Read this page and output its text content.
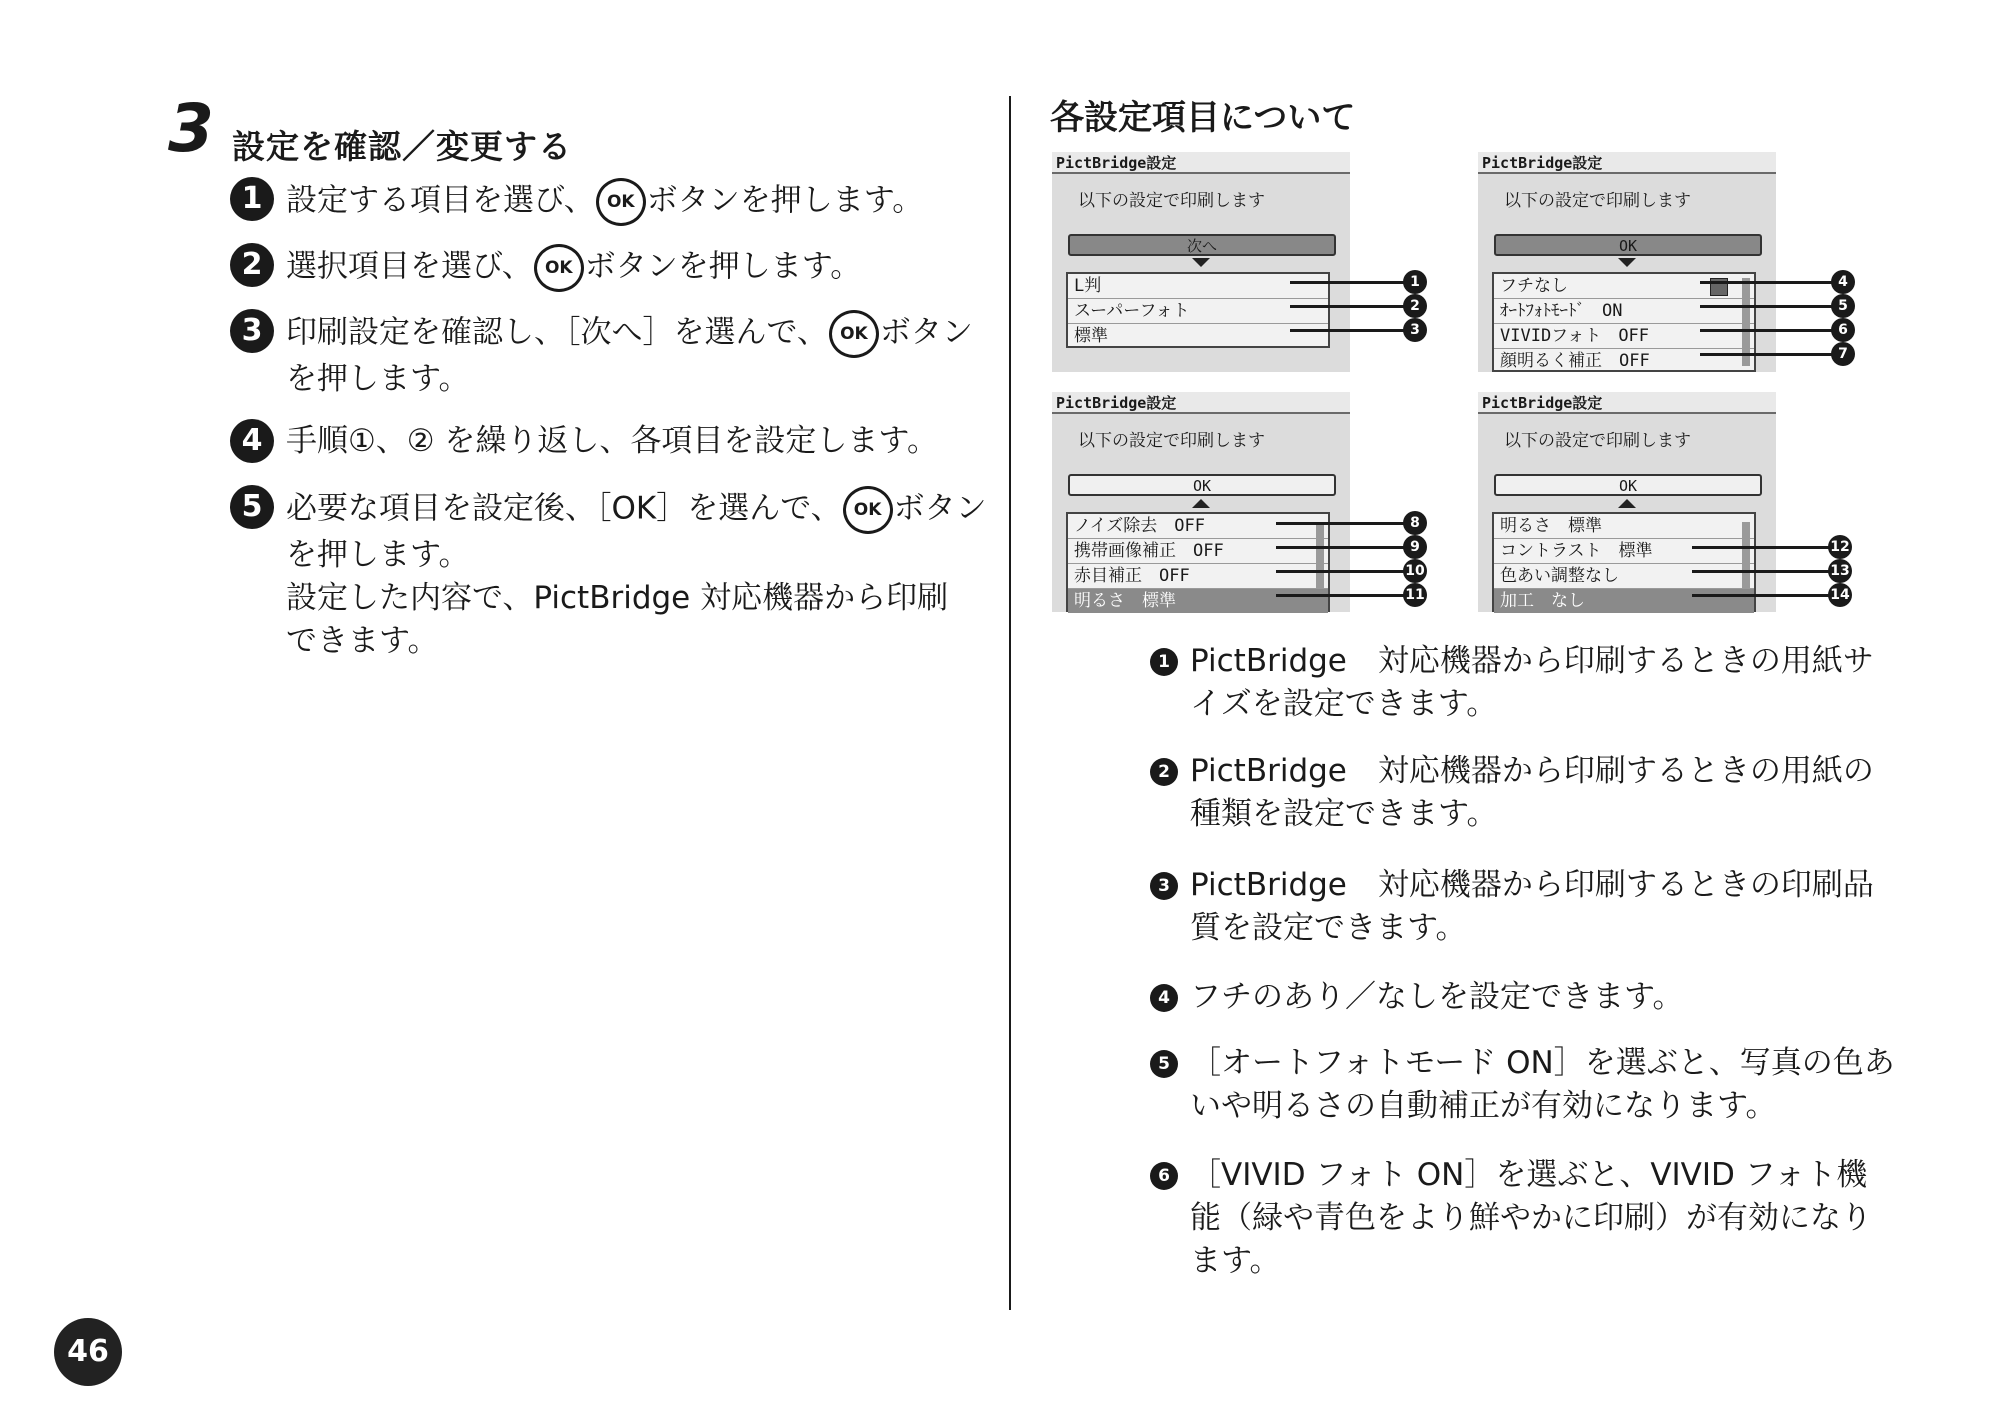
3 設定を確認／変更する
1 設定する項目を選び、 OK ボタンを押します。
2 選択項目を選び、 OK ボタンを押します。
3 印刷設定を確認し、［次へ］を選んで、 OK ボタン
を押します。
4 手順①、② を繰り返し、各項目を設定します。
5 必要な項目を設定後、［OK］を選んで、 OK ボタン
を押します。
設定した内容で、PictBridge 対応機器から印刷
できます。
各設定項目について
PictBridge設定
以下の設定で印刷します
次へ
L判
スーパーフォト
標準
1
2
3
PictBridge設定
以下の設定で印刷します
OK
フチなし
ｵｰﾄﾌｫﾄﾓｰﾄﾞ　ON
VIVIDフォト　OFF
顔明るく補正　OFF
4
5
6
7
PictBridge設定
以下の設定で印刷します
OK
ノイズ除去　OFF
携帯画像補正　OFF
赤目補正　OFF
明るさ　標準
8
9
10
11
PictBridge設定
以下の設定で印刷します
OK
明るさ　標準
コントラスト　標準
色あい調整なし
加工　なし
12
13
14
1 PictBridge　対応機器から印刷するときの用紙サ
イズを設定できます。
2 PictBridge　対応機器から印刷するときの用紙の
種類を設定できます。
3 PictBridge　対応機器から印刷するときの印刷品
質を設定できます。
4 フチのあり／なしを設定できます。
5 ［オートフォトモード ON］を選ぶと、写真の色あ
いや明るさの自動補正が有効になります。
6 ［VIVID フォト ON］を選ぶと、VIVID フォト機
能（緑や青色をより鮮やかに印刷）が有効になり
ます。
46
